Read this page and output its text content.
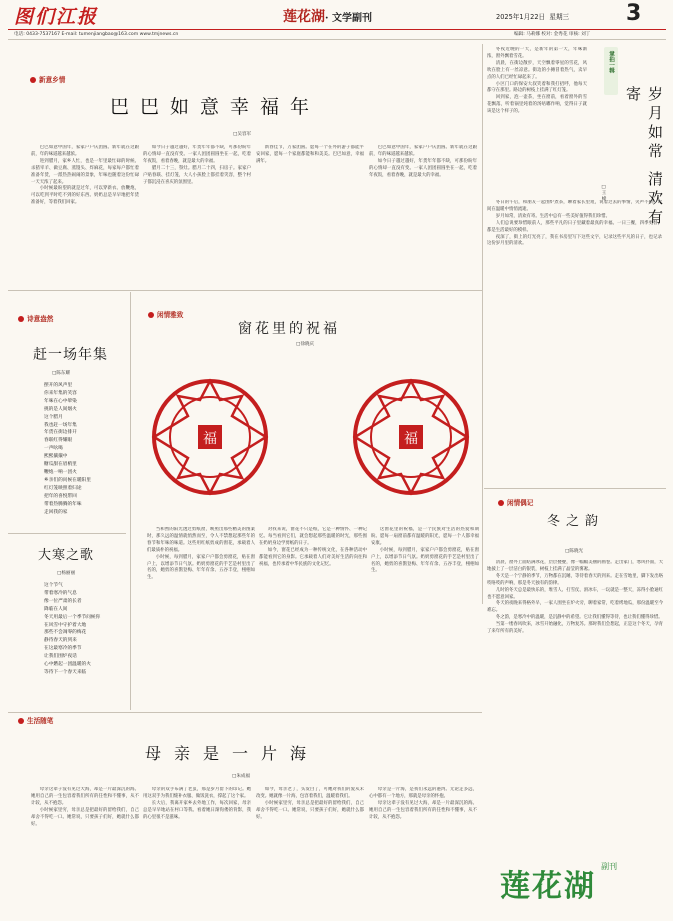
图们江报	莲花湖· 文学副刊	2025年1月22日 星期三	3
电话: 0433-7537167 E-mail: tumenjiangbao@163.com www.tmjnews.cn	编辑: 马莉娜 校对: 金秀花 审核: 刘丁
新意乡情
巴巴如意幸福年
□吴容军

巴巴如意中国年，家家户户庆团圆。新年就在这跟前，年的味道越来越浓。

进到腊月，家乡人忙，也是一年里最忙碌的时候。杀猪宰羊、做豆腐、蒸馒头、炸麻花，每家每户都忙着准备年货，一派热热闹闹的景象，年味也随着这份忙碌一天天浓了起来。

小时候最盼望的就是过年，可以穿新衣、放鞭炮，可以吃到平时吃不到的好东西。奶奶总是早早地把年货准备好，等着我们回家。

如今日子越过越好，年货年年都不缺，可那份盼年的心情却一直没有变。一家人团团圆圆坐在一起，吃着年夜饭，看着春晚，就是最大的幸福。

腊月二十三，祭灶。腊月二十四，扫房子。家家户户贴春联、挂灯笼，大人小孩脸上都挂着笑容，整个村子都沉浸在喜庆的氛围里。

新春佳节，万家团圆。愿每一个在外的游子都能平安回家，愿每一个家庭都能和和美美。巴巴如意，幸福满年。

巴巴如意中国年，家家户户庆团圆。新年就在这跟前，年的味道越来越浓。

如今日子越过越好，年货年年都不缺，可那份盼年的心情却一直没有变。一家人团团圆圆坐在一起，吃着年夜饭，看着春晚，就是最大的幸福。

冬夜近晚的一天，是新年的第一天，年味渐浓，窗外飘着雪花。

清晨，在街边散步，天空飘着零星的雪花，风吹在脸上有一丝凉意。街边的小摊冒着热气，卖早点的人们已经忙碌起来了。

小区门口的保安大叔笑着和我打招呼，他每天都守在那里。路边的树枝上挂满了红灯笼。

回到家，泡一壶茶，坐在窗前，看着窗外的雪花飘落，听着锅里炖着的汤咕嘟作响，觉得日子就该是这个样子的。

掌拍一辑
岁月如常 清欢有寄
□王 峰

冬日的午后，和朋友一起围炉煮茶，聊着家长里短，说着过去的事情，笑声不断，时间在温暖中悄悄流逝。

岁月如常，清欢有寄。生活中总有一些美好值得我们珍惜。

人们总说要珍惜眼前人，那些平凡的日子里藏着最真的幸福。一日三餐，四季更替，都是生活最好的模样。

夜深了，街上的灯光亮了，我在书房里写下这些文字，记录这些平凡的日子，也记录这份岁月里的清欢。

诗意盎然
赶一场年集
□陈东耀
摆开的风声里
你来年集的笑容
年味在心中晕染
挑的是人间烟火
这个腊月
我也赶一场年集
年货在街边排开
春联红得耀眼
一声吆喝
熙熙攘攘中
糖瓜甜在眉梢里
鞭炮一响一团火
乡亲们的问候在暖阳里
红灯笼映照着归途
把年的喜悦带回
带着热腾腾的年味
走回我的家
大寒之歌
□杨丽丽
这个节气
带着寒冷的气息
像一位严肃的长者
降临在人间
冬天用最后一个季节问候你
在风雪中守护着大地
那些不会凋零的梅花
静待春天的到来
在这最寒冷的季节
让我们围炉夜话
心中燃起一团温暖的火
等待下一个春天来临
闲情雅致
窗花里的祝福
□徐晓庆
福	福

当和煦的阳光透过剪纸窗，映照出那些精美的图案时，那久远的温情就悄然而至，令人不禁想起那些年的春节和年味的味道。这些用红纸剪成的窗花，承载着人们最质朴的祝福。

小时候，每到腊月，家家户户都会剪窗花，贴在窗户上，以增添节日气氛。奶奶剪窗花的手艺是村里出了名的，她剪的喜鹊登梅、年年有余、五谷丰登，栩栩如生。

对我来说，窗花不只是纸，它是一种情怀、一种记忆。每当看到它们，就会想起那些温暖的时光，那些围在奶奶身边学剪纸的日子。

如今，窗花已经成为一种传统文化，在各种活动中都能看到它的身影。它承载着人们对美好生活的向往和祝福，也传承着中华民族的文化记忆。

这窗花里的祝福，是一个民族对生活的热爱和期盼。愿每一扇窗前都有温暖的阳光，愿每一个人都幸福安康。

小时候，每到腊月，家家户户都会剪窗花，贴在窗户上，以增添节日气氛。奶奶剪窗花的手艺是村里出了名的，她剪的喜鹊登梅、年年有余、五谷丰登，栩栩如生。

闲情偶记
冬之韵
□陈晓光

清晨，窗外上面结满冰花，层层叠叠，像一幅幅美丽的画卷。走出家门，寒风扑面，大地披上了一层洁白的银装，树枝上挂满了晶莹的雾凇。

冬天是一个宁静的季节，万物都在沉睡，等待着春天的到来。走在雪地里，脚下发出咯吱咯吱的声响，那是冬天独有的韵律。

儿时的冬天总是最快乐的，堆雪人、打雪仗、滑冰车，一玩就是一整天，冻得小脸通红也不愿意回家。

冬天的夜晚来得格外早，一家人围坐在炉火旁，聊着家常，吃着烤地瓜，那份温暖至今难忘。

冬之韵，是寒冷中的温暖，是沉静中的希望。它让我们懂得等待，也让我们懂得珍惜。

当第一缕春风吹来，冰雪开始融化，万物复苏。那时我们会想起，正是这个冬天，孕育了来年所有的美好。

生活随笔
母亲是一片海
□朱成福

母亲这辈子没有见过大海，却是一片最深沉的海。她用自己的一生包容着我们所有的任性和不懂事，从不计较，从不抱怨。

小时候家里穷，母亲总是把最好的留给我们，自己却舍不得吃一口。她常说，只要孩子们好，她就什么都好。

母亲的双手布满了老茧，那是岁月留下的印记。她用这双手为我们缝补衣服、做饭洗衣，撑起了这个家。

长大后，我离开家乡去外地工作，每次回家，母亲总是早早地站在村口等我。看着她日渐佝偻的背影，我的心里很不是滋味。

如今，母亲老了，头发白了，可她对我们的爱从未改变。她就像一片海，包容着我们，温暖着我们。

小时候家里穷，母亲总是把最好的留给我们，自己却舍不得吃一口。她常说，只要孩子们好，她就什么都好。

母亲是一片海，是我们永远的港湾。无论走多远，心中都有一个地方，那就是母亲的怀抱。

母亲这辈子没有见过大海，却是一片最深沉的海。她用自己的一生包容着我们所有的任性和不懂事，从不计较，从不抱怨。

莲花湖 $^{副刊}$
